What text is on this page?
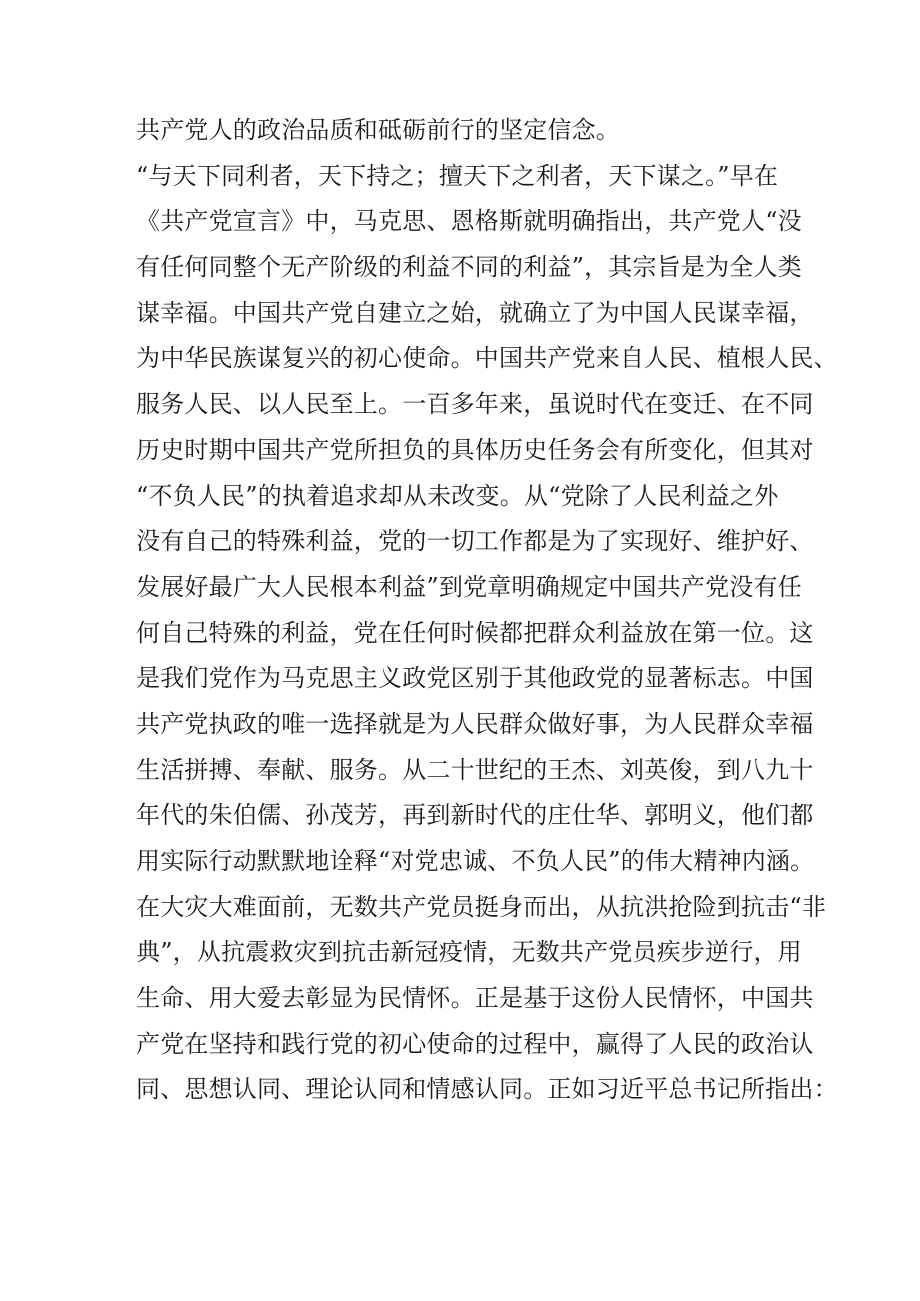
共产党人的政治品质和砥砺前行的坚定信念。
“与天下同利者，天下持之；擅天下之利者，天下谋之。”早在
《共产党宣言》中，马克思、恩格斯就明确指出，共产党人“没
有任何同整个无产阶级的利益不同的利益”，其宗旨是为全人类
谋幸福。中国共产党自建立之始，就确立了为中国人民谋幸福，
为中华民族谋复兴的初心使命。中国共产党来自人民、植根人民、
服务人民、以人民至上。一百多年来，虽说时代在变迁、在不同
历史时期中国共产党所担负的具体历史任务会有所变化，但其对
“不负人民”的执着追求却从未改变。从“党除了人民利益之外
没有自己的特殊利益，党的一切工作都是为了实现好、维护好、
发展好最广大人民根本利益”到党章明确规定中国共产党没有任
何自己特殊的利益，党在任何时候都把群众利益放在第一位。这
是我们党作为马克思主义政党区别于其他政党的显著标志。中国
共产党执政的唯一选择就是为人民群众做好事，为人民群众幸福
生活拼搏、奉献、服务。从二十世纪的王杰、刘英俊，到八九十
年代的朱伯儒、孙茂芳，再到新时代的庄仕华、郭明义，他们都
用实际行动默默地诠释“对党忠诚、不负人民”的伟大精神内涵。
在大灾大难面前，无数共产党员挺身而出，从抗洪抢险到抗击“非
典”，从抗震救灾到抗击新冠疫情，无数共产党员疾步逆行，用
生命、用大爱去彰显为民情怀。正是基于这份人民情怀，中国共
产党在坚持和践行党的初心使命的过程中，赢得了人民的政治认
同、思想认同、理论认同和情感认同。正如习近平总书记所指出：
